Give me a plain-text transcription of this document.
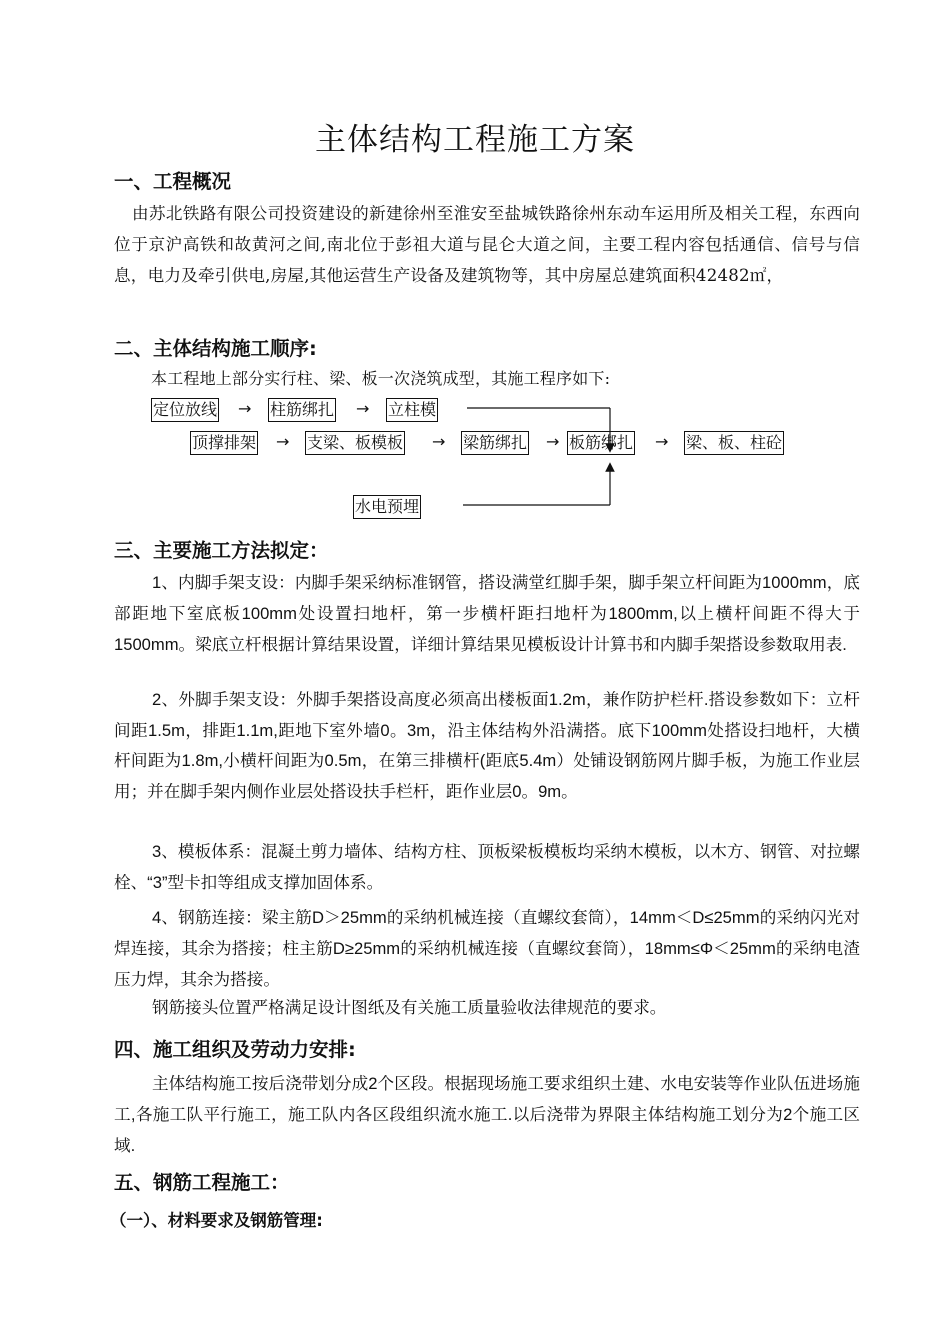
主体结构工程施工方案
一、工程概况
由苏北铁路有限公司投资建设的新建徐州至淮安至盐城铁路徐州东动车运用所及相关工程，东西向位于京沪高铁和故黄河之间,南北位于彭祖大道与昆仑大道之间，主要工程内容包括通信、信号与信息，电力及牵引供电,房屋,其他运营生产设备及建筑物等，其中房屋总建筑面积42482㎡，
二、主体结构施工顺序:
本工程地上部分实行柱、梁、板一次浇筑成型，其施工程序如下:
定位放线 → 柱筋绑扎 → 立柱模
顶撑排架 → 支梁、板模板 → 梁筋绑扎 → 板筋绑扎 → 梁、板、柱砼
水电预埋
三、主要施工方法拟定：
1、内脚手架支设：内脚手架采纳标准钢管，搭设满堂红脚手架，脚手架立杆间距为1000mm，底部距地下室底板100mm处设置扫地杆，第一步横杆距扫地杆为1800mm,以上横杆间距不得大于1500mm。梁底立杆根据计算结果设置，详细计算结果见模板设计计算书和内脚手架搭设参数取用表.
2、外脚手架支设：外脚手架搭设高度必须高出楼板面1.2m，兼作防护栏杆.搭设参数如下：立杆间距1.5m，排距1.1m,距地下室外墙0。3m，沿主体结构外沿满搭。底下100mm处搭设扫地杆，大横杆间距为1.8m,小横杆间距为0.5m，在第三排横杆(距底5.4m）处铺设钢筋网片脚手板，为施工作业层用；并在脚手架内侧作业层处搭设扶手栏杆，距作业层0。9m。
3、模板体系：混凝土剪力墙体、结构方柱、顶板梁板模板均采纳木模板，以木方、钢管、对拉螺栓、“3”型卡扣等组成支撑加固体系。
4、钢筋连接：梁主筋D＞25mm的采纳机械连接（直螺纹套筒），14mm＜D≤25mm的采纳闪光对焊连接，其余为搭接；柱主筋D≥25mm的采纳机械连接（直螺纹套筒），18mm≤Φ＜25mm的采纳电渣压力焊，其余为搭接。
钢筋接头位置严格满足设计图纸及有关施工质量验收法律规范的要求。
四、施工组织及劳动力安排:
主体结构施工按后浇带划分成2个区段。根据现场施工要求组织土建、水电安装等作业队伍进场施工,各施工队平行施工，施工队内各区段组织流水施工.以后浇带为界限主体结构施工划分为2个施工区域.
五、钢筋工程施工：
（一）、材料要求及钢筋管理:
